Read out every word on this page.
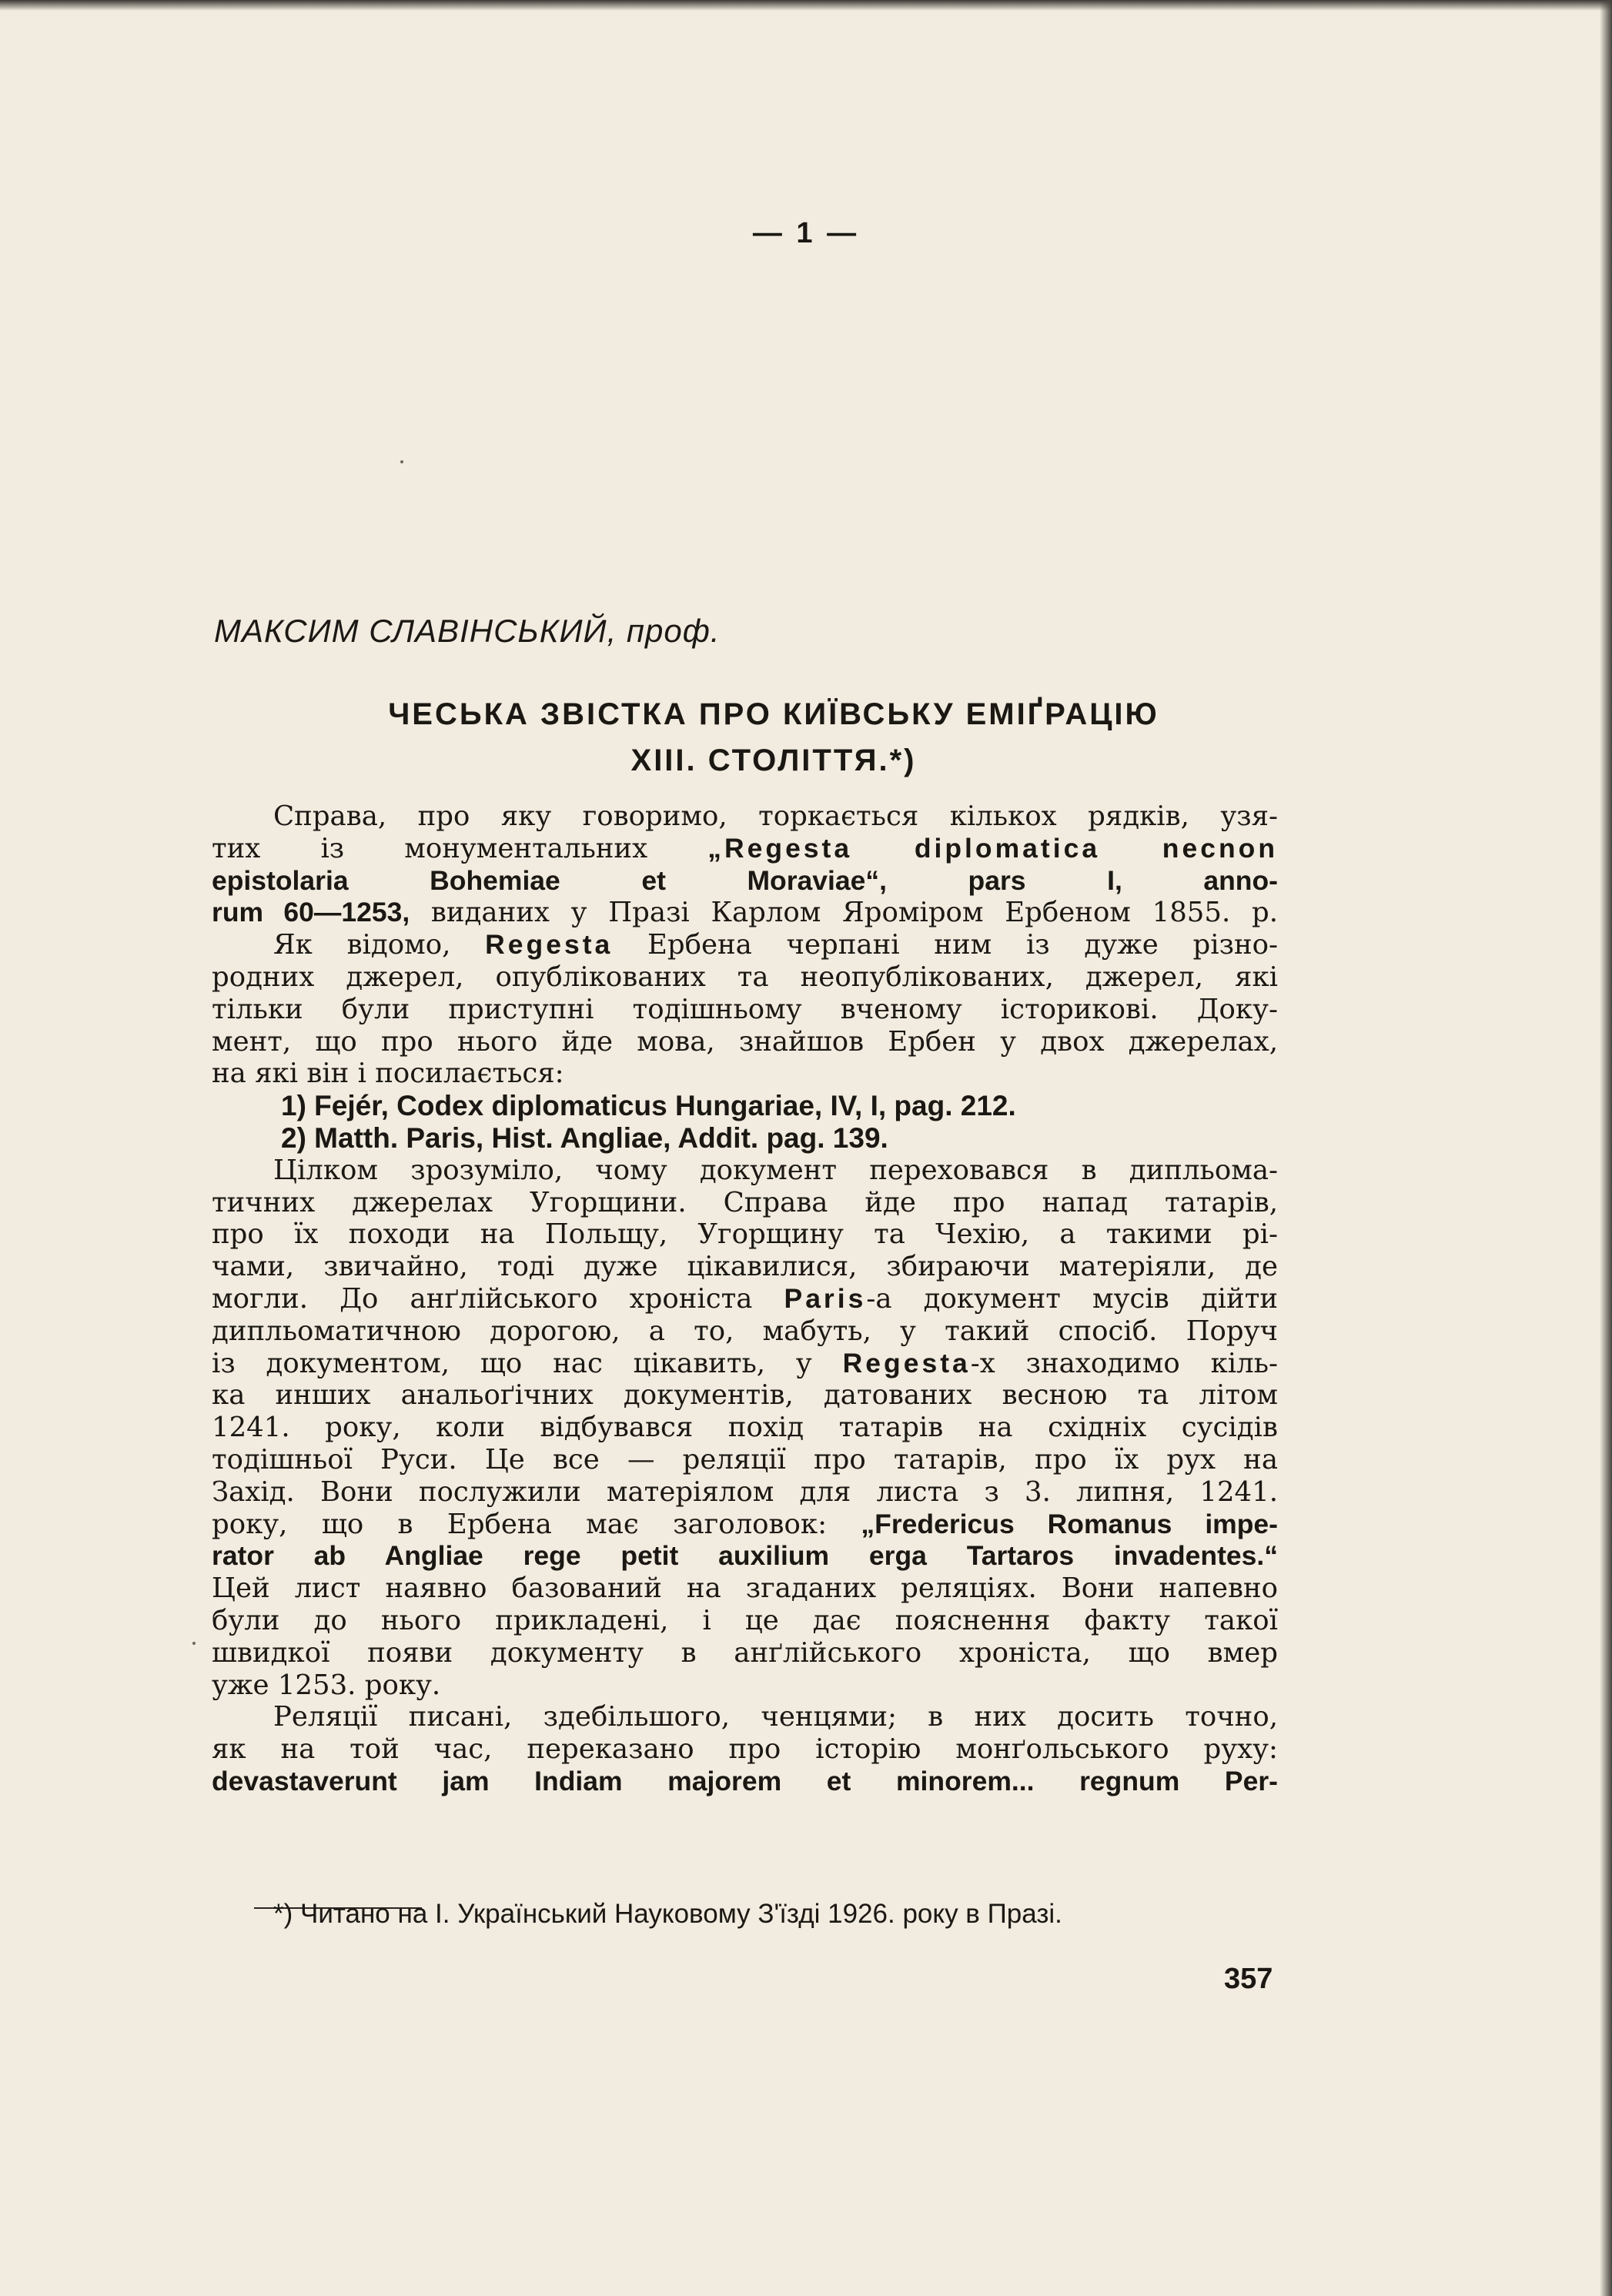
— 1 —
МАКСИМ СЛАВІНСЬКИЙ, проф.
ЧЕСЬКА ЗВІСТКА ПРО КИЇВСЬКУ ЕМІҐРАЦІЮ
XIII. СТОЛІТТЯ.*)
Справа, про яку говоримо, торкається кількох рядків, узя-
тих із монументальних „Regesta diplomatica necnon
epistolaria Bohemiae et Moraviae“, pars I, anno-
rum 60—1253, виданих у Празі Карлом Яроміром Ербеном 1855. р.
Як відомо, Regesta Ербена черпані ним із дуже різно-
родних джерел, опублікованих та неопублікованих, джерел, які
тільки були приступні тодішньому вченому історикові. Доку-
мент, що про нього йде мова, знайшов Ербен у двох джерелах,
на які він і посилається:
1) Fejér, Codex diplomaticus Hungariae, IV, I, pag. 212.
2) Matth. Paris, Hist. Angliae, Addit. pag. 139.
Цілком зрозуміло, чому документ переховався в дипльома-
тичних джерелах Угорщини. Справа йде про напад татарів,
про їх походи на Польщу, Угорщину та Чехію, а такими рі-
чами, звичайно, тоді дуже цікавилися, збираючи матеріяли, де
могли. До анґлійського хроніста Paris-а документ мусів дійти
дипльоматичною дорогою, а то, мабуть, у такий спосіб. Поруч
із документом, що нас цікавить, у Regesta-х знаходимо кіль-
ка инших анальоґічних документів, датованих весною та літом
1241. року, коли відбувався похід татарів на східніх сусідів
тодішньої Руси. Це все — реляції про татарів, про їх рух на
Захід. Вони послужили матеріялом для листа з 3. липня, 1241.
року, що в Ербена має заголовок: „Fredericus Romanus impe-
rator ab Angliae rege petit auxilium erga Tartaros invadentes.“
Цей лист наявно базований на згаданих реляціях. Вони напевно
були до нього прикладені, і це дає пояснення факту такої
швидкої появи документу в анґлійського хроніста, що вмер
уже 1253. року.
Реляції писані, здебільшого, ченцями; в них досить точно,
як на той час, переказано про історію монґольського руху:
devastaverunt jam Indiam majorem et minorem... regnum Per-
*) Читано на І. Український Науковому З'їзді 1926. року в Празі.
357
